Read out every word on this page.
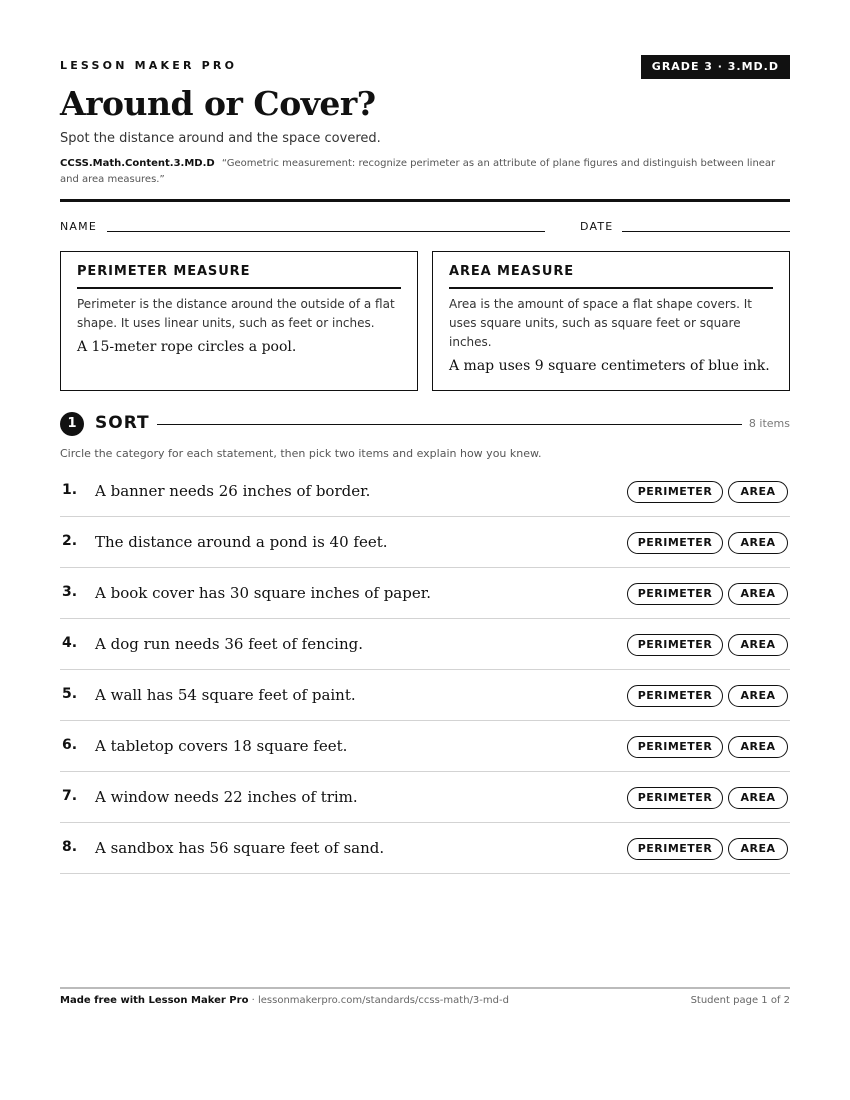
LESSON MAKER PRO	GRADE 3 · 3.MD.D
Around or Cover?
Spot the distance around and the space covered.
CCSS.Math.Content.3.MD.D “Geometric measurement: recognize perimeter as an attribute of plane figures and distinguish between linear and area measures.”
NAME	DATE
PERIMETER MEASURE
Perimeter is the distance around the outside of a flat shape. It uses linear units, such as feet or inches.
A 15-meter rope circles a pool.
AREA MEASURE
Area is the amount of space a flat shape covers. It uses square units, such as square feet or square inches.
A map uses 9 square centimeters of blue ink.
1	SORT	8 items
Circle the category for each statement, then pick two items and explain how you knew.
1. A banner needs 26 inches of border.	PERIMETER	AREA
2. The distance around a pond is 40 feet.	PERIMETER	AREA
3. A book cover has 30 square inches of paper.	PERIMETER	AREA
4. A dog run needs 36 feet of fencing.	PERIMETER	AREA
5. A wall has 54 square feet of paint.	PERIMETER	AREA
6. A tabletop covers 18 square feet.	PERIMETER	AREA
7. A window needs 22 inches of trim.	PERIMETER	AREA
8. A sandbox has 56 square feet of sand.	PERIMETER	AREA
Made free with Lesson Maker Pro · lessonmakerpro.com/standards/ccss-math/3-md-d	Student page 1 of 2
